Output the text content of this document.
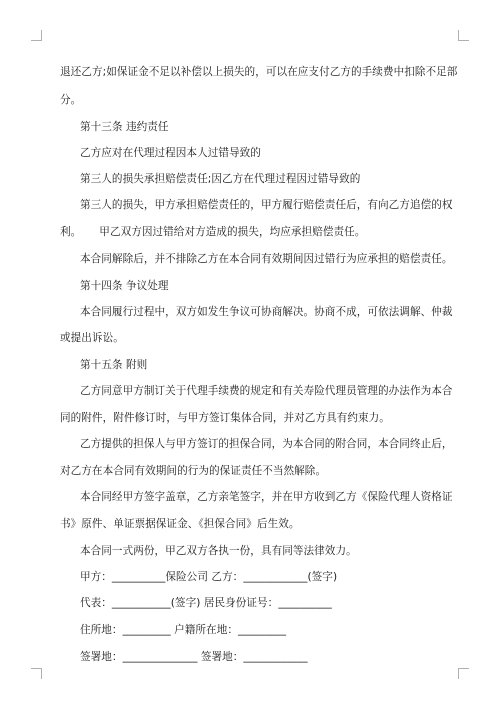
退还乙方;如保证金不足以补偿以上损失的，可以在应支付乙方的手续费中扣除不足部
分。
第十三条 违约责任
乙方应对在代理过程因本人过错导致的
第三人的损失承担赔偿责任;因乙方在代理过程因过错导致的
第三人的损失，甲方承担赔偿责任的，甲方履行赔偿责任后，有向乙方追偿的权
利。 甲乙双方因过错给对方造成的损失，均应承担赔偿责任。
本合同解除后，并不排除乙方在本合同有效期间因过错行为应承担的赔偿责任。
第十四条 争议处理
本合同履行过程中，双方如发生争议可协商解决。协商不成，可依法调解、仲裁
或提出诉讼。
第十五条 附则
乙方同意甲方制订关于代理手续费的规定和有关寿险代理员管理的办法作为本合
同的附件，附件修订时，与甲方签订集体合同，并对乙方具有约束力。
乙方提供的担保人与甲方签订的担保合同，为本合同的附合同，本合同终止后，
对乙方在本合同有效期间的行为的保证责任不当然解除。
本合同经甲方签字盖章，乙方亲笔签字，并在甲方收到乙方《保险代理人资格证
书》原件、单证票据保证金、《担保合同》后生效。
本合同一式两份，甲乙双方各执一份，具有同等法律效力。
甲方：__________保险公司 乙方：____________(签字)
代表：___________(签字) 居民身份证号：__________
住所地：_________ 户籍所在地：_________
签署地：______________ 签署地：____________
